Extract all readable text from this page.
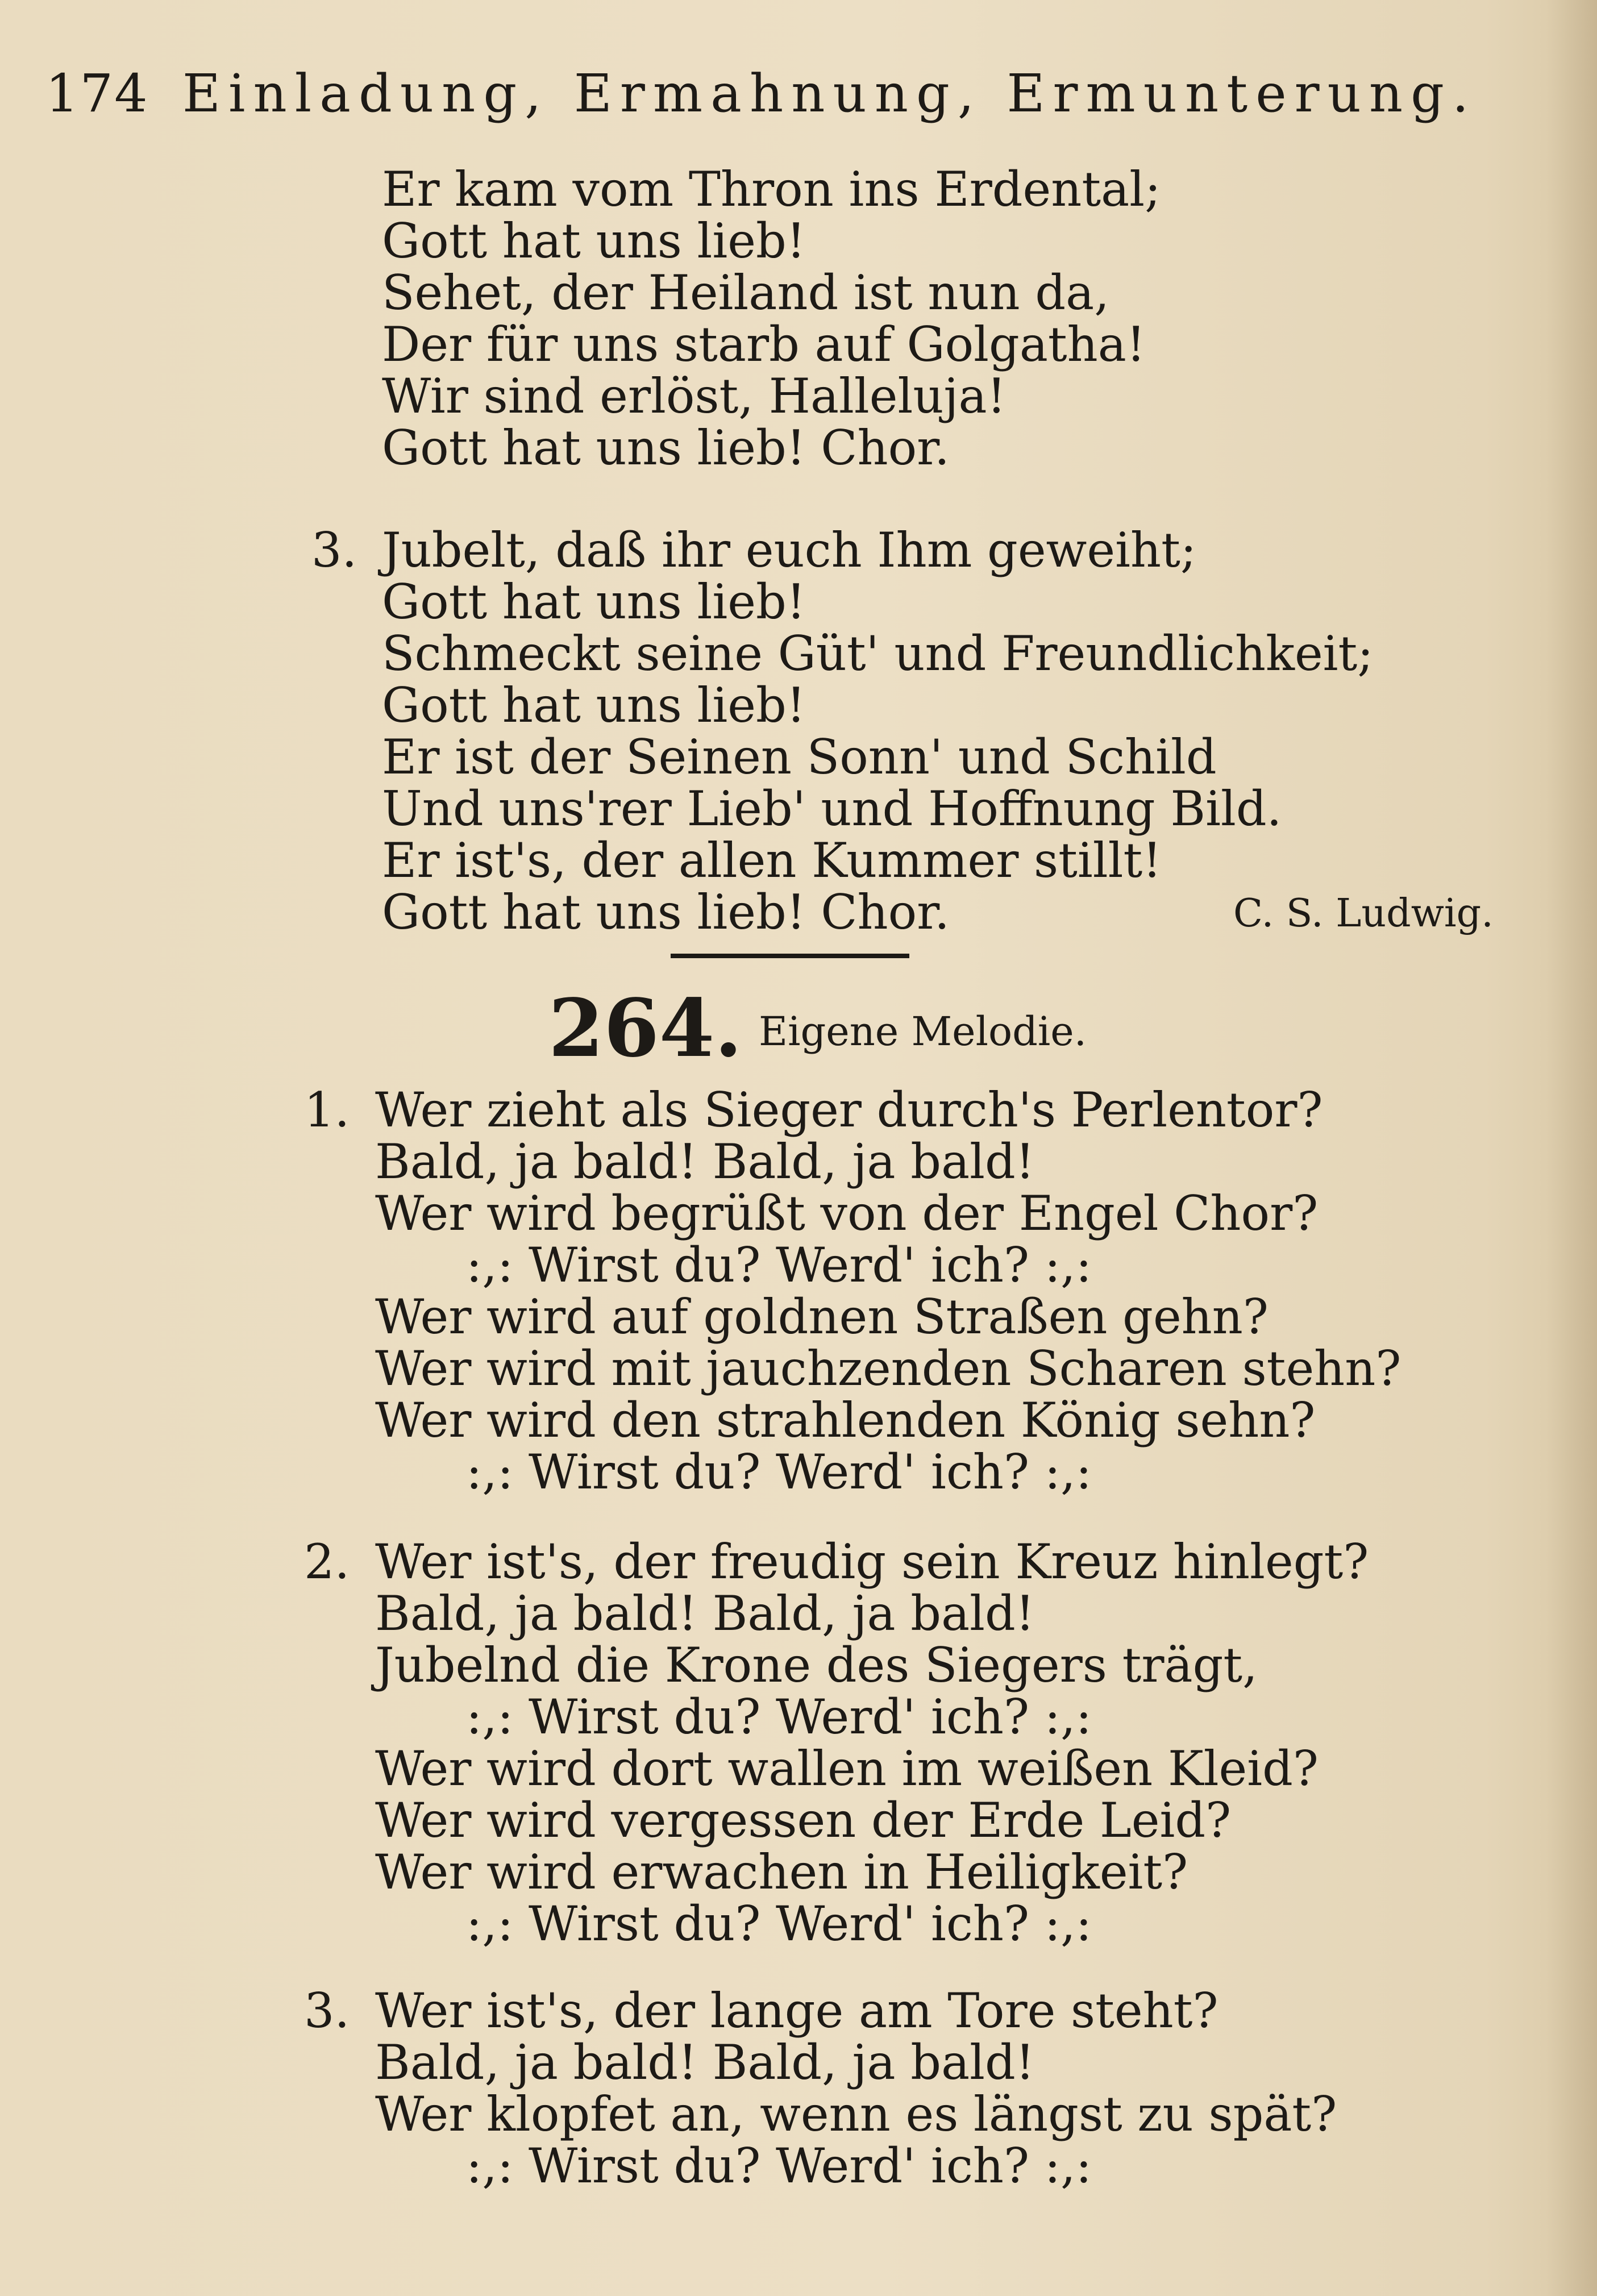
174 Einladung, Ermahnung, Ermunterung.
Er kam vom Thron ins Erdental;
Gott hat uns lieb!
Sehet, der Heiland ist nun da,
Der für uns starb auf Golgatha!
Wir sind erlöst, Halleluja!
Gott hat uns lieb! Chor.
3. Jubelt, daß ihr euch Ihm geweiht;
Gott hat uns lieb!
Schmeckt seine Güt' und Freundlichkeit;
Gott hat uns lieb!
Er ist der Seinen Sonn' und Schild
Und uns'rer Lieb' und Hoffnung Bild.
Er ist's, der allen Kummer stillt!
Gott hat uns lieb! Chor.	C. S. Ludwig.
264. Eigene Melodie.
1. Wer zieht als Sieger durch's Perlentor?
Bald, ja bald! Bald, ja bald!
Wer wird begrüßt von der Engel Chor?
:,: Wirst du? Werd' ich? :,:
Wer wird auf goldnen Straßen gehn?
Wer wird mit jauchzenden Scharen stehn?
Wer wird den strahlenden König sehn?
:,: Wirst du? Werd' ich? :,:
2. Wer ist's, der freudig sein Kreuz hinlegt?
Bald, ja bald! Bald, ja bald!
Jubelnd die Krone des Siegers trägt,
:,: Wirst du? Werd' ich? :,:
Wer wird dort wallen im weißen Kleid?
Wer wird vergessen der Erde Leid?
Wer wird erwachen in Heiligkeit?
:,: Wirst du? Werd' ich? :,:
3. Wer ist's, der lange am Tore steht?
Bald, ja bald! Bald, ja bald!
Wer klopfet an, wenn es längst zu spät?
:,: Wirst du? Werd' ich? :,:
